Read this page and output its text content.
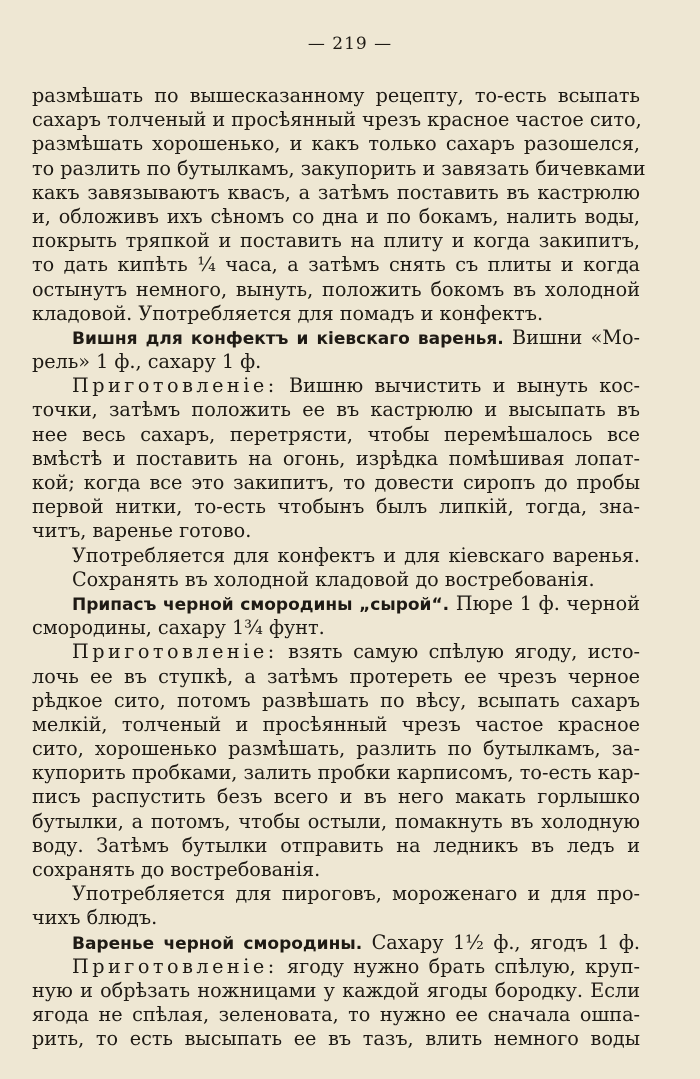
— 219 —
размѣшать по вышесказанному рецепту, то-есть всыпать
сахаръ толченый и просѣянный чрезъ красное частое сито,
размѣшать хорошенько, и какъ только сахаръ разошелся,
то разлить по бутылкамъ, закупорить и завязать бичевками
какъ завязываютъ квасъ, а затѣмъ поставить въ кастрюлю
и, обложивъ ихъ сѣномъ со дна и по бокамъ, налить воды,
покрыть тряпкой и поставить на плиту и когда закипитъ,
то дать кипѣть ¼ часа, а затѣмъ снять съ плиты и когда
остынутъ немного, вынуть, положить бокомъ въ холодной
кладовой. Употребляется для помадъ и конфектъ.
Вишня для конфектъ и кіевскаго варенья. Вишни «Мо-
рель» 1 ф., сахару 1 ф.
Приготовленіе: Вишню вычистить и вынуть кос-
точки, затѣмъ положить ее въ кастрюлю и высыпать въ
нее весь сахаръ, перетрясти, чтобы перемѣшалось все
вмѣстѣ и поставить на огонь, изрѣдка помѣшивая лопат-
кой; когда все это закипитъ, то довести сиропъ до пробы
первой нитки, то-есть чтобынъ былъ липкій, тогда, зна-
читъ, варенье готово.
Употребляется для конфектъ и для кіевскаго варенья.
Сохранять въ холодной кладовой до востребованія.
Припасъ черной смородины „сырой“. Пюре 1 ф. черной
смородины, сахару 1¾ фунт.
Приготовленіе: взять самую спѣлую ягоду, исто-
лочь ее въ ступкѣ, а затѣмъ протереть ее чрезъ черное
рѣдкое сито, потомъ развѣшать по вѣсу, всыпать сахаръ
мелкій, толченый и просѣянный чрезъ частое красное
сито, хорошенько размѣшать, разлить по бутылкамъ, за-
купорить пробками, залить пробки карписомъ, то-есть кар-
писъ распустить безъ всего и въ него макать горлышко
бутылки, а потомъ, чтобы остыли, помакнуть въ холодную
воду. Затѣмъ бутылки отправить на ледникъ въ ледъ и
сохранять до востребованія.
Употребляется для пироговъ, мороженаго и для про-
чихъ блюдъ.
Варенье черной смородины. Сахару 1½ ф., ягодъ 1 ф.
Приготовленіе: ягоду нужно брать спѣлую, круп-
ную и обрѣзать ножницами у каждой ягоды бородку. Если
ягода не спѣлая, зеленовата, то нужно ее сначала ошпа-
рить, то есть высыпать ее въ тазъ, влить немного воды
